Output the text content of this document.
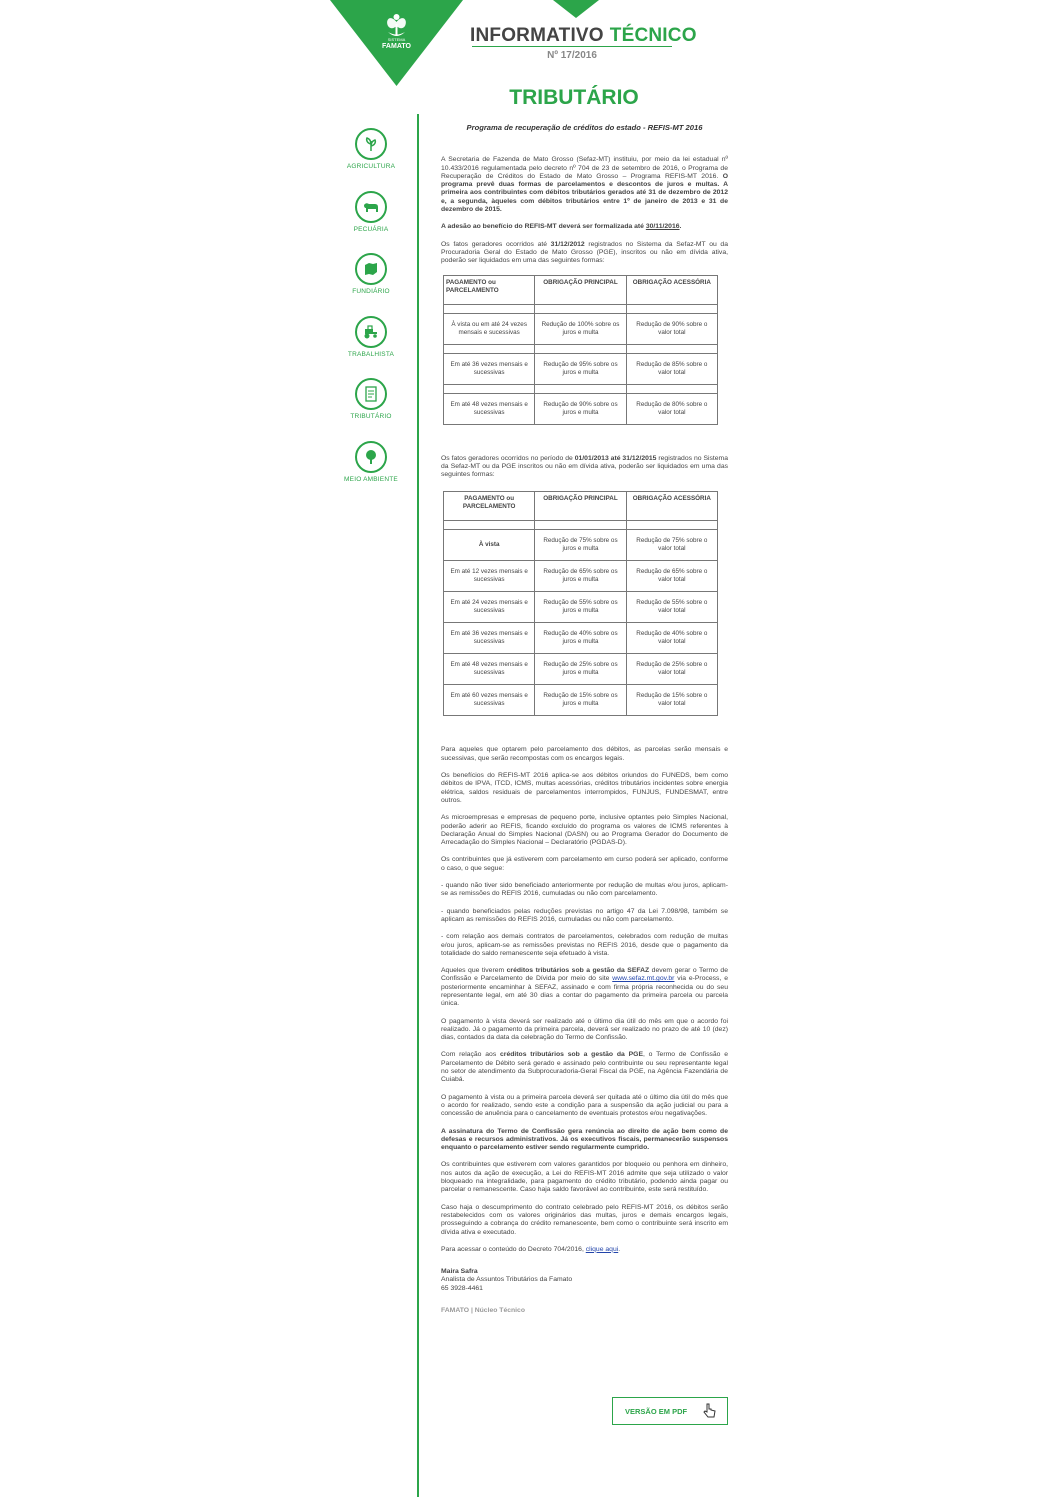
SISTEMA
FAMATO
INFORMATIVO TÉCNICO
Nº 17/2016
TRIBUTÁRIO
AGRICULTURA
PECUÁRIA
FUNDIÁRIO
TRABALHISTA
TRIBUTÁRIO
MEIO AMBIENTE

Programa de recuperação de créditos do estado - REFIS-MT 2016

A Secretaria de Fazenda de Mato Grosso (Sefaz-MT) instituiu, por meio da lei estadual nº 10.433/2016 regulamentada pelo decreto nº 704 de 23 de setembro de 2016, o Programa de Recuperação de Créditos do Estado de Mato Grosso – Programa REFIS-MT 2016. O programa prevê duas formas de parcelamentos e descontos de juros e multas. A primeira aos contribuintes com débitos tributários gerados até 31 de dezembro de 2012 e, a segunda, àqueles com débitos tributários entre 1º de janeiro de 2013 e 31 de dezembro de 2015.

A adesão ao benefício do REFIS-MT deverá ser formalizada até 30/11/2016.

Os fatos geradores ocorridos até 31/12/2012 registrados no Sistema da Sefaz-MT ou da Procuradoria Geral do Estado de Mato Grosso (PGE), inscritos ou não em dívida ativa, poderão ser liquidados em uma das seguintes formas:

PAGAMENTO ou PARCELAMENTO	OBRIGAÇÃO PRINCIPAL	OBRIGAÇÃO ACESSÓRIA

À vista ou em até 24 vezes mensais e sucessivas	Redução de 100% sobre os juros e multa	Redução de 90% sobre o valor total

Em até 36 vezes mensais e sucessivas	Redução de 95% sobre os juros e multa	Redução de 85% sobre o valor total

Em até 48 vezes mensais e sucessivas	Redução de 90% sobre os juros e multa	Redução de 80% sobre o valor total

Os fatos geradores ocorridos no período de 01/01/2013 até 31/12/2015 registrados no Sistema da Sefaz-MT ou da PGE inscritos ou não em dívida ativa, poderão ser liquidados em uma das seguintes formas:

PAGAMENTO ou PARCELAMENTO	OBRIGAÇÃO PRINCIPAL	OBRIGAÇÃO ACESSÓRIA

À vista	Redução de 75% sobre os juros e multa	Redução de 75% sobre o valor total
Em até 12 vezes mensais e sucessivas	Redução de 65% sobre os juros e multa	Redução de 65% sobre o valor total
Em até 24 vezes mensais e sucessivas	Redução de 55% sobre os juros e multa	Redução de 55% sobre o valor total
Em até 36 vezes mensais e sucessivas	Redução de 40% sobre os juros e multa	Redução de 40% sobre o valor total
Em até 48 vezes mensais e sucessivas	Redução de 25% sobre os juros e multa	Redução de 25% sobre o valor total
Em até 60 vezes mensais e sucessivas	Redução de 15% sobre os juros e multa	Redução de 15% sobre o valor total

Para aqueles que optarem pelo parcelamento dos débitos, as parcelas serão mensais e sucessivas, que serão recompostas com os encargos legais.

Os benefícios do REFIS-MT 2016 aplica-se aos débitos oriundos do FUNEDS, bem como débitos de IPVA, ITCD, ICMS, multas acessórias, créditos tributários incidentes sobre energia elétrica, saldos residuais de parcelamentos interrompidos, FUNJUS, FUNDESMAT, entre outros.

As microempresas e empresas de pequeno porte, inclusive optantes pelo Simples Nacional, poderão aderir ao REFIS, ficando excluído do programa os valores de ICMS referentes à Declaração Anual do Simples Nacional (DASN) ou ao Programa Gerador do Documento de Arrecadação do Simples Nacional – Declaratório (PGDAS-D).

Os contribuintes que já estiverem com parcelamento em curso poderá ser aplicado, conforme o caso, o que segue:

- quando não tiver sido beneficiado anteriormente por redução de multas e/ou juros, aplicam-se as remissões do REFIS 2016, cumuladas ou não com parcelamento.

- quando beneficiados pelas reduções previstas no artigo 47 da Lei 7.098/98, também se aplicam as remissões do REFIS 2016, cumuladas ou não com parcelamento.

- com relação aos demais contratos de parcelamentos, celebrados com redução de multas e/ou juros, aplicam-se as remissões previstas no REFIS 2016, desde que o pagamento da totalidade do saldo remanescente seja efetuado à vista.

Aqueles que tiverem créditos tributários sob a gestão da SEFAZ devem gerar o Termo de Confissão e Parcelamento de Dívida por meio do site www.sefaz.mt.gov.br via e-Process, e posteriormente encaminhar à SEFAZ, assinado e com firma própria reconhecida ou do seu representante legal, em até 30 dias a contar do pagamento da primeira parcela ou parcela única.

O pagamento à vista deverá ser realizado até o último dia útil do mês em que o acordo foi realizado. Já o pagamento da primeira parcela, deverá ser realizado no prazo de até 10 (dez) dias, contados da data da celebração do Termo de Confissão.

Com relação aos créditos tributários sob a gestão da PGE, o Termo de Confissão e Parcelamento de Débito será gerado e assinado pelo contribuinte ou seu representante legal no setor de atendimento da Subprocuradoria-Geral Fiscal da PGE, na Agência Fazendária de Cuiabá.

O pagamento à vista ou a primeira parcela deverá ser quitada até o último dia útil do mês que o acordo for realizado, sendo este a condição para a suspensão da ação judicial ou para a concessão de anuência para o cancelamento de eventuais protestos e/ou negativações.

A assinatura do Termo de Confissão gera renúncia ao direito de ação bem como de defesas e recursos administrativos. Já os executivos fiscais, permanecerão suspensos enquanto o parcelamento estiver sendo regularmente cumprido.

Os contribuintes que estiverem com valores garantidos por bloqueio ou penhora em dinheiro, nos autos da ação de execução, a Lei do REFIS-MT 2016 admite que seja utilizado o valor bloqueado na integralidade, para pagamento do crédito tributário, podendo ainda pagar ou parcelar o remanescente. Caso haja saldo favorável ao contribuinte, este será restituído.

Caso haja o descumprimento do contrato celebrado pelo REFIS-MT 2016, os débitos serão restabelecidos com os valores originários das multas, juros e demais encargos legais, prosseguindo a cobrança do crédito remanescente, bem como o contribuinte será inscrito em dívida ativa e executado.

Para acessar o conteúdo do Decreto 704/2016, clique aqui.

Maira Safra
Analista de Assuntos Tributários da Famato
65 3928-4461
FAMATO | Núcleo Técnico
VERSÃO EM PDF
